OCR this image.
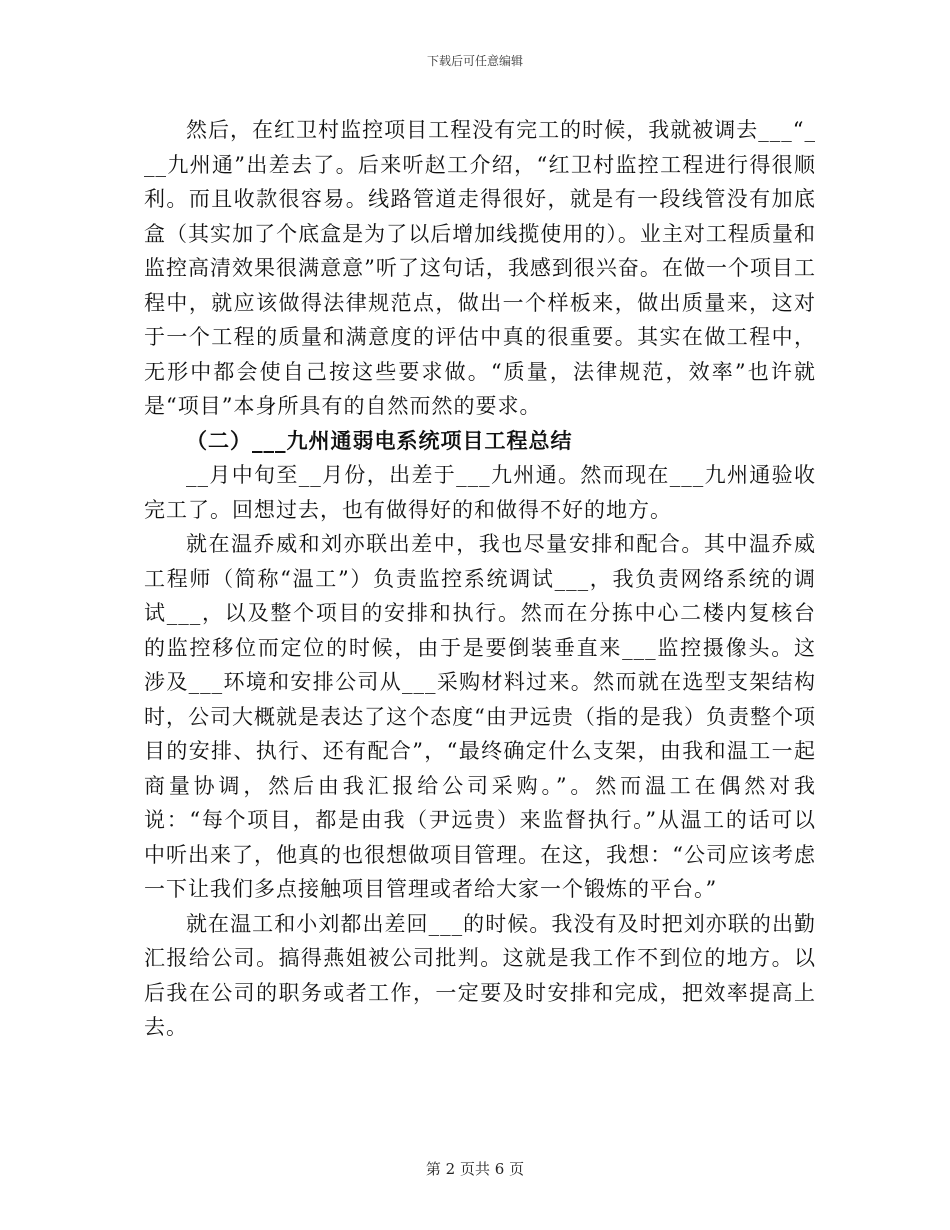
下载后可任意编辑

然后，在红卫村监控项目工程没有完工的时候，我就被调去___“___九州通”出差去了。后来听赵工介绍，“红卫村监控工程进行得很顺利。而且收款很容易。线路管道走得很好，就是有一段线管没有加底盒（其实加了个底盒是为了以后增加线揽使用的）。业主对工程质量和监控高清效果很满意意”听了这句话，我感到很兴奋。在做一个项目工程中，就应该做得法律规范点，做出一个样板来，做出质量来，这对于一个工程的质量和满意度的评估中真的很重要。其实在做工程中，无形中都会使自己按这些要求做。“质量，法律规范，效率”也许就是“项目”本身所具有的自然而然的要求。

（二）___九州通弱电系统项目工程总结

__月中旬至__月份，出差于___九州通。然而现在___九州通验收完工了。回想过去，也有做得好的和做得不好的地方。

就在温乔威和刘亦联出差中，我也尽量安排和配合。其中温乔威工程师（简称“温工”）负责监控系统调试___，我负责网络系统的调试___，以及整个项目的安排和执行。然而在分拣中心二楼内复核台的监控移位而定位的时候，由于是要倒装垂直来___监控摄像头。这涉及___环境和安排公司从___采购材料过来。然而就在选型支架结构时，公司大概就是表达了这个态度“由尹远贵（指的是我）负责整个项目的安排、执行、还有配合”，“最终确定什么支架，由我和温工一起商量协调，然后由我汇报给公司采购。”。然而温工在偶然对我说：“每个项目，都是由我（尹远贵）来监督执行。”从温工的话可以中听出来了，他真的也很想做项目管理。在这，我想：“公司应该考虑一下让我们多点接触项目管理或者给大家一个锻炼的平台。”

就在温工和小刘都出差回___的时候。我没有及时把刘亦联的出勤汇报给公司。搞得燕姐被公司批判。这就是我工作不到位的地方。以后我在公司的职务或者工作，一定要及时安排和完成，把效率提高上去。

第 2 页共 6 页
